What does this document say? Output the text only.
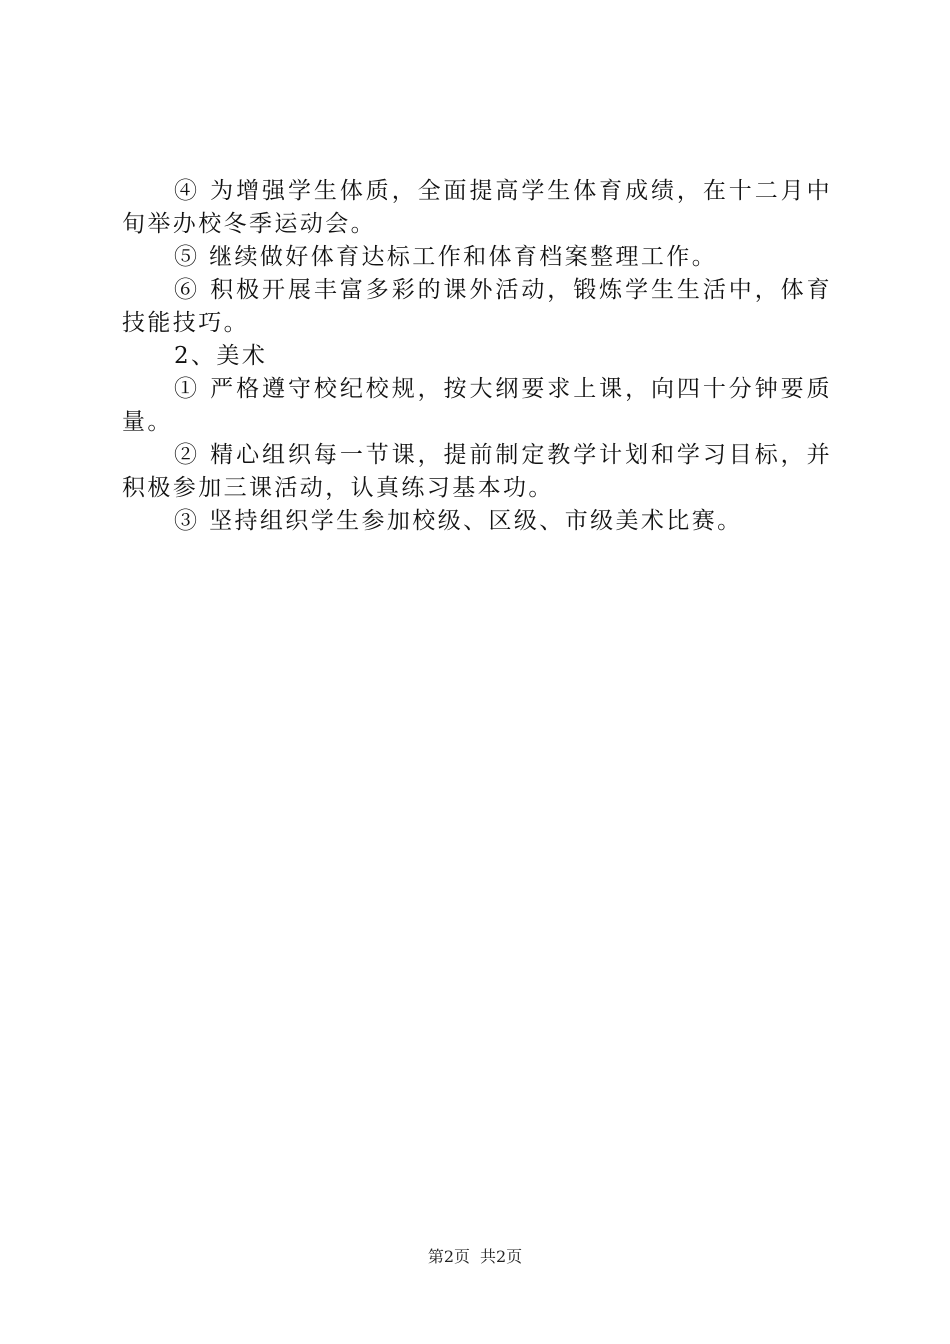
④ 为增强学生体质，全面提高学生体育成绩，在十二月中旬举办校冬季运动会。

⑤ 继续做好体育达标工作和体育档案整理工作。

⑥ 积极开展丰富多彩的课外活动，锻炼学生生活中，体育技能技巧。

2、美术

① 严格遵守校纪校规，按大纲要求上课，向四十分钟要质量。

② 精心组织每一节课，提前制定教学计划和学习目标，并积极参加三课活动，认真练习基本功。

③ 坚持组织学生参加校级、区级、市级美术比赛。

第2页 共2页
